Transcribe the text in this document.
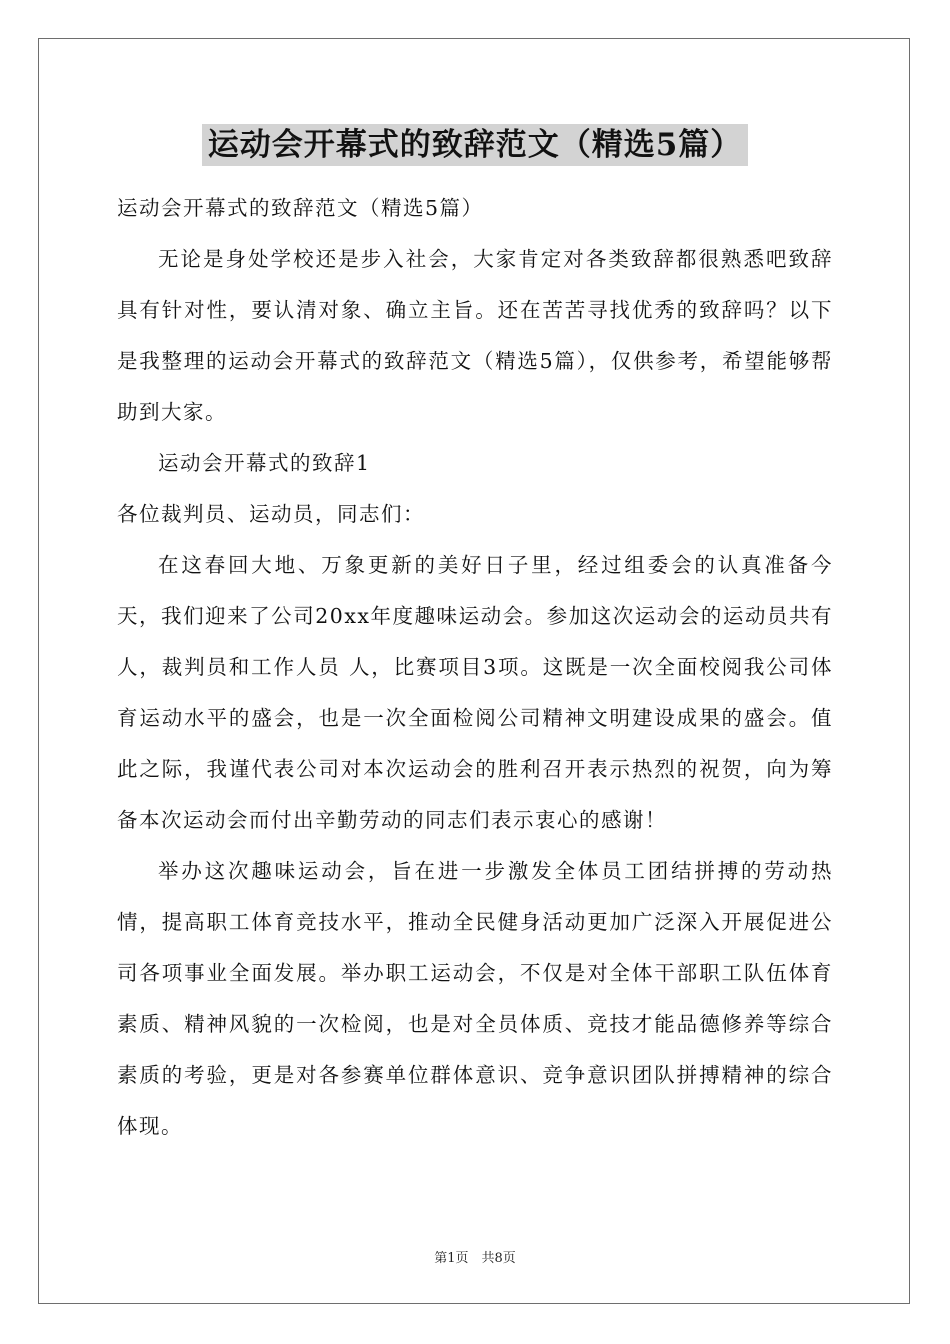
运动会开幕式的致辞范文（精选5篇）

运动会开幕式的致辞范文（精选5篇）

无论是身处学校还是步入社会，大家肯定对各类致辞都很熟悉吧致辞具有针对性，要认清对象、确立主旨。还在苦苦寻找优秀的致辞吗？以下是我整理的运动会开幕式的致辞范文（精选5篇），仅供参考，希望能够帮助到大家。

运动会开幕式的致辞1

各位裁判员、运动员，同志们：

在这春回大地、万象更新的美好日子里，经过组委会的认真准备今天，我们迎来了公司20xx年度趣味运动会。参加这次运动会的运动员共有 人，裁判员和工作人员 人，比赛项目3项。这既是一次全面校阅我公司体育运动水平的盛会，也是一次全面检阅公司精神文明建设成果的盛会。值此之际，我谨代表公司对本次运动会的胜利召开表示热烈的祝贺，向为筹备本次运动会而付出辛勤劳动的同志们表示衷心的感谢！

举办这次趣味运动会，旨在进一步激发全体员工团结拼搏的劳动热情，提高职工体育竞技水平，推动全民健身活动更加广泛深入开展促进公司各项事业全面发展。举办职工运动会，不仅是对全体干部职工队伍体育素质、精神风貌的一次检阅，也是对全员体质、竞技才能品德修养等综合素质的考验，更是对各参赛单位群体意识、竞争意识团队拼搏精神的综合体现。

第1页　共8页
